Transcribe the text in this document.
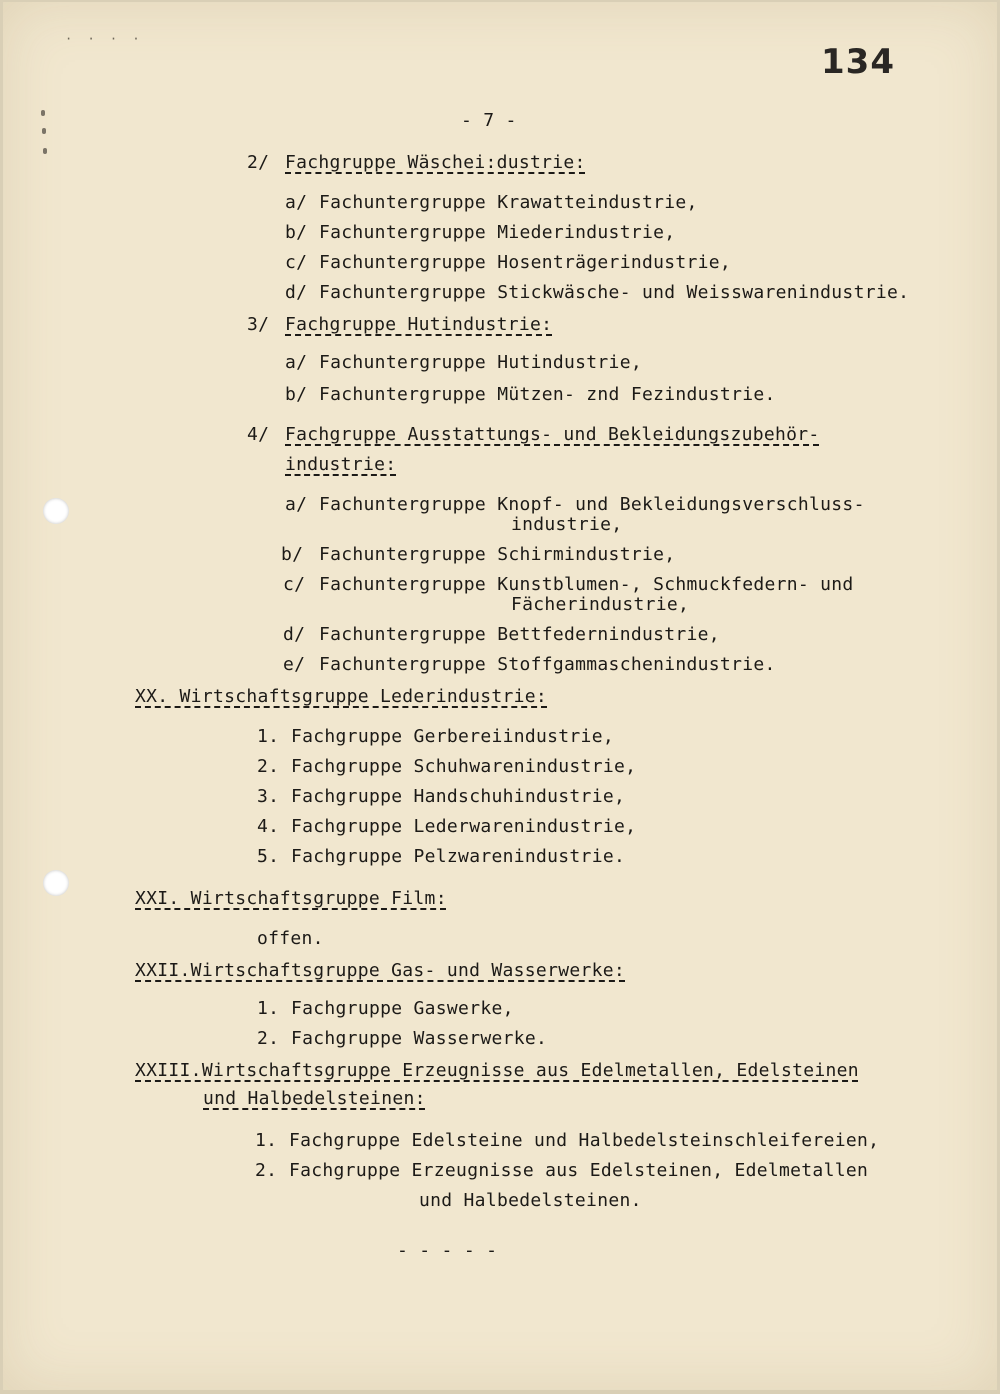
· · · ·
134
- 7 -
2/ Fachgruppe Wäschei:dustrie:
a/ Fachuntergruppe Krawatteindustrie,
b/ Fachuntergruppe Miederindustrie,
c/ Fachuntergruppe Hosenträgerindustrie,
d/ Fachuntergruppe Stickwäsche- und Weisswarenindustrie.
3/ Fachgruppe Hutindustrie:
a/ Fachuntergruppe Hutindustrie,
b/ Fachuntergruppe Mützen- znd Fezindustrie.
4/ Fachgruppe Ausstattungs- und Bekleidungszubehör-
industrie:
a/ Fachuntergruppe Knopf- und Bekleidungsverschluss-
industrie,
b/ Fachuntergruppe Schirmindustrie,
c/ Fachuntergruppe Kunstblumen-, Schmuckfedern- und
Fächerindustrie,
d/ Fachuntergruppe Bettfedernindustrie,
e/ Fachuntergruppe Stoffgammaschenindustrie.
XX. Wirtschaftsgruppe Lederindustrie:
1. Fachgruppe Gerbereiindustrie,
2. Fachgruppe Schuhwarenindustrie,
3. Fachgruppe Handschuhindustrie,
4. Fachgruppe Lederwarenindustrie,
5. Fachgruppe Pelzwarenindustrie.
XXI. Wirtschaftsgruppe Film:
offen.
XXII.Wirtschaftsgruppe Gas- und Wasserwerke:
1. Fachgruppe Gaswerke,
2. Fachgruppe Wasserwerke.
XXIII.Wirtschaftsgruppe Erzeugnisse aus Edelmetallen, Edelsteinen
und Halbedelsteinen:
1. Fachgruppe Edelsteine und Halbedelsteinschleifereien,
2. Fachgruppe Erzeugnisse aus Edelsteinen, Edelmetallen
und Halbedelsteinen.
- - - - -
